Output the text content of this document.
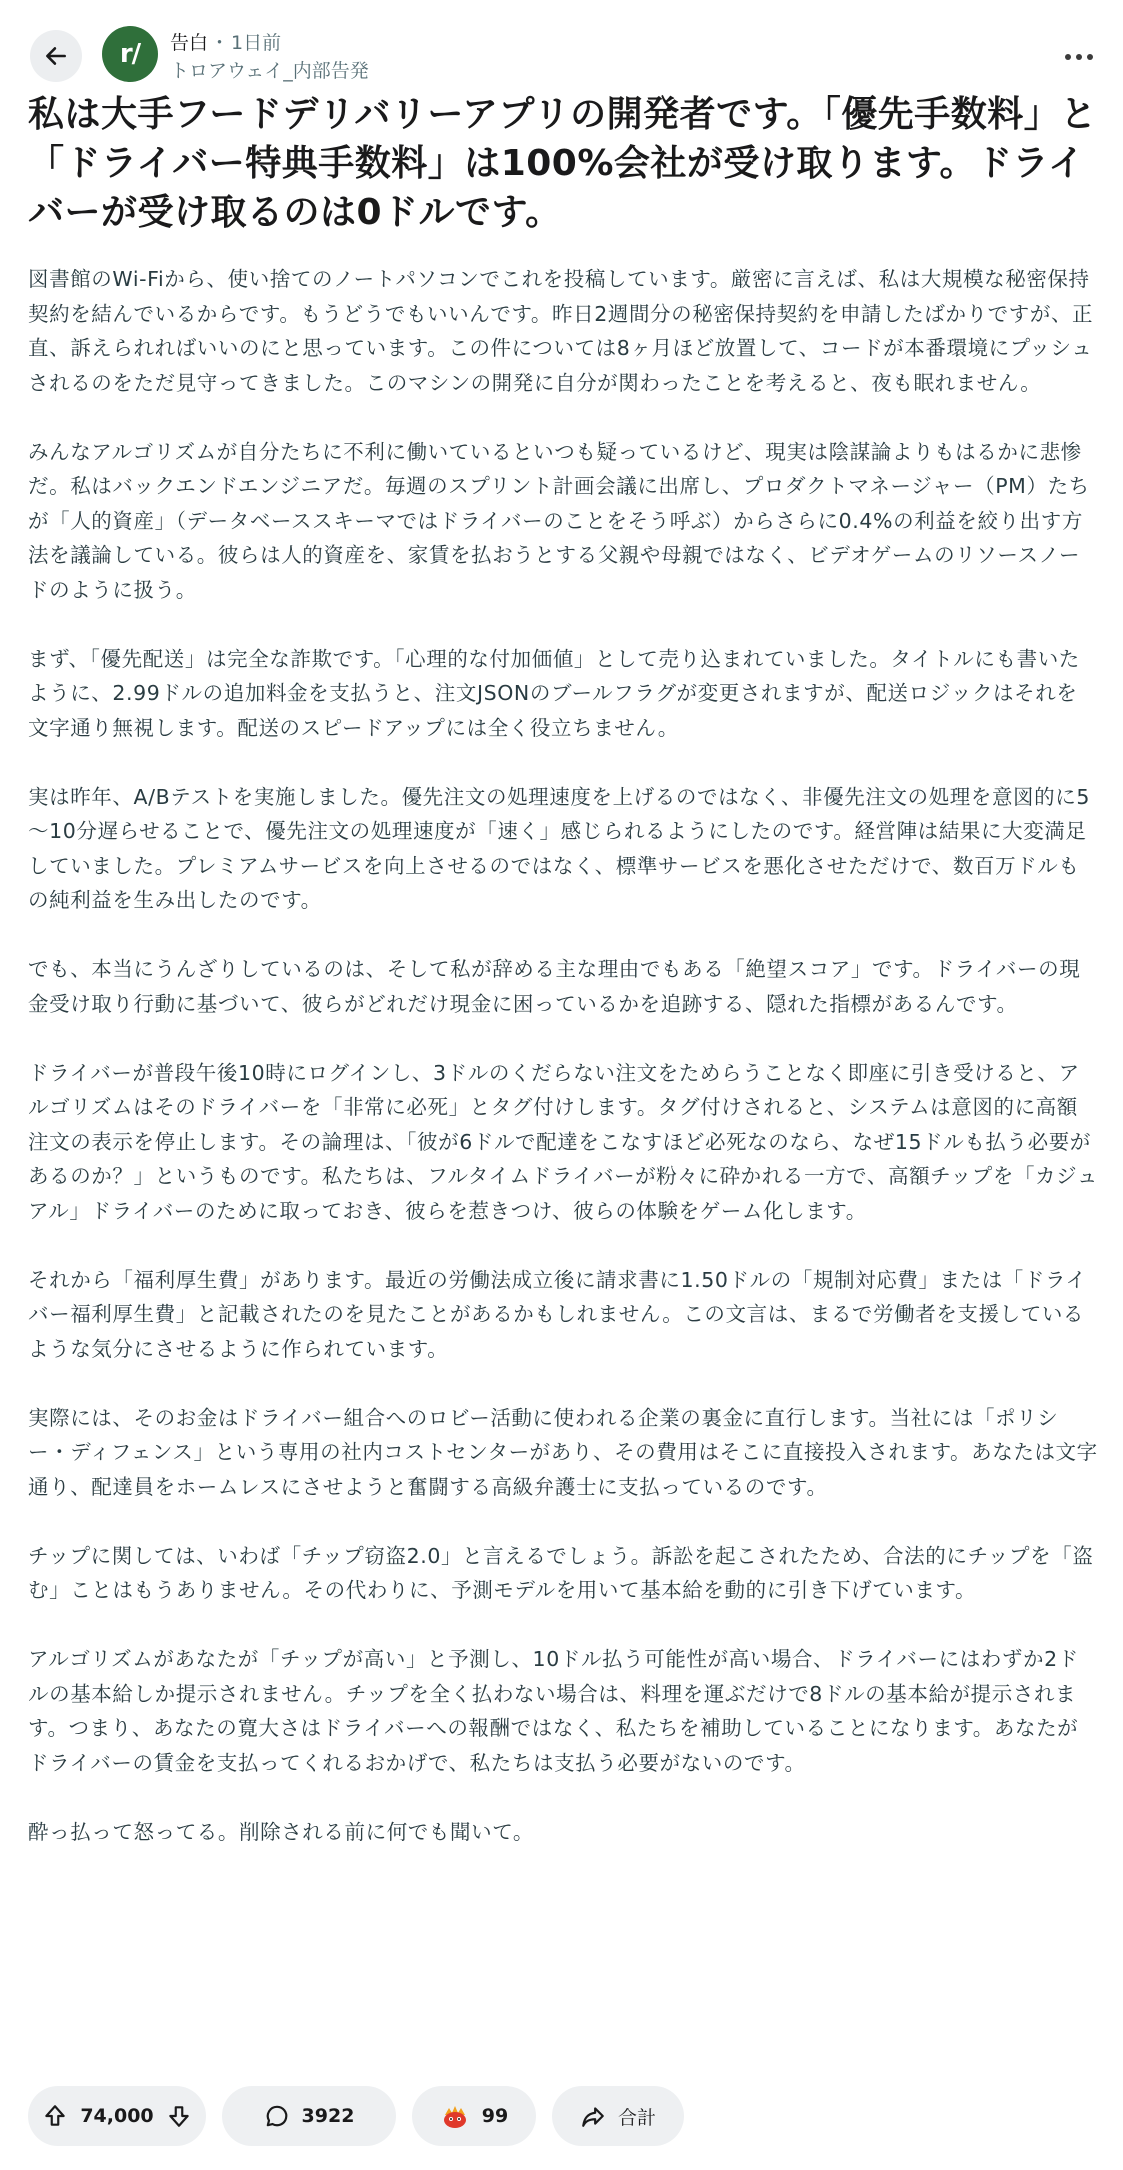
r/	告白 ・ 1日前
トロアウェイ_内部告発
私は大手フードデリバリーアプリの開発者です。「優先手数料」と「ドライバー特典手数料」は100%会社が受け取ります。ドライバーが受け取るのは0ドルです。

図書館のWi-Fiから、使い捨てのノートパソコンでこれを投稿しています。厳密に言えば、私は大規模な秘密保持契約を結んでいるからです。もうどうでもいいんです。昨日2週間分の秘密保持契約を申請したばかりですが、正直、訴えられればいいのにと思っています。この件については8ヶ月ほど放置して、コードが本番環境にプッシュされるのをただ見守ってきました。このマシンの開発に自分が関わったことを考えると、夜も眠れません。

みんなアルゴリズムが自分たちに不利に働いているといつも疑っているけど、現実は陰謀論よりもはるかに悲惨だ。私はバックエンドエンジニアだ。毎週のスプリント計画会議に出席し、プロダクトマネージャー（PM）たちが「人的資産」（データベーススキーマではドライバーのことをそう呼ぶ）からさらに0.4%の利益を絞り出す方法を議論している。彼らは人的資産を、家賃を払おうとする父親や母親ではなく、ビデオゲームのリソースノードのように扱う。

まず、「優先配送」は完全な詐欺です。「心理的な付加価値」として売り込まれていました。タイトルにも書いたように、2.99ドルの追加料金を支払うと、注文JSONのブールフラグが変更されますが、配送ロジックはそれを文字通り無視します。配送のスピードアップには全く役立ちません。

実は昨年、A/Bテストを実施しました。優先注文の処理速度を上げるのではなく、非優先注文の処理を意図的に5～10分遅らせることで、優先注文の処理速度が「速く」感じられるようにしたのです。経営陣は結果に大変満足していました。プレミアムサービスを向上させるのではなく、標準サービスを悪化させただけで、数百万ドルもの純利益を生み出したのです。

でも、本当にうんざりしているのは、そして私が辞める主な理由でもある「絶望スコア」です。ドライバーの現金受け取り行動に基づいて、彼らがどれだけ現金に困っているかを追跡する、隠れた指標があるんです。

ドライバーが普段午後10時にログインし、3ドルのくだらない注文をためらうことなく即座に引き受けると、アルゴリズムはそのドライバーを「非常に必死」とタグ付けします。タグ付けされると、システムは意図的に高額注文の表示を停止します。その論理は、「彼が6ドルで配達をこなすほど必死なのなら、なぜ15ドルも払う必要があるのか？」というものです。私たちは、フルタイムドライバーが粉々に砕かれる一方で、高額チップを「カジュアル」ドライバーのために取っておき、彼らを惹きつけ、彼らの体験をゲーム化します。

それから「福利厚生費」があります。最近の労働法成立後に請求書に1.50ドルの「規制対応費」または「ドライバー福利厚生費」と記載されたのを見たことがあるかもしれません。この文言は、まるで労働者を支援しているような気分にさせるように作られています。

実際には、そのお金はドライバー組合へのロビー活動に使われる企業の裏金に直行します。当社には「ポリシー・ディフェンス」という専用の社内コストセンターがあり、その費用はそこに直接投入されます。あなたは文字通り、配達員をホームレスにさせようと奮闘する高級弁護士に支払っているのです。

チップに関しては、いわば「チップ窃盗2.0」と言えるでしょう。訴訟を起こされたため、合法的にチップを「盗む」ことはもうありません。その代わりに、予測モデルを用いて基本給を動的に引き下げています。

アルゴリズムがあなたが「チップが高い」と予測し、10ドル払う可能性が高い場合、ドライバーにはわずか2ドルの基本給しか提示されません。チップを全く払わない場合は、料理を運ぶだけで8ドルの基本給が提示されます。つまり、あなたの寛大さはドライバーへの報酬ではなく、私たちを補助していることになります。あなたがドライバーの賃金を支払ってくれるおかげで、私たちは支払う必要がないのです。

酔っ払って怒ってる。削除される前に何でも聞いて。

74,000	3922	99	合計
